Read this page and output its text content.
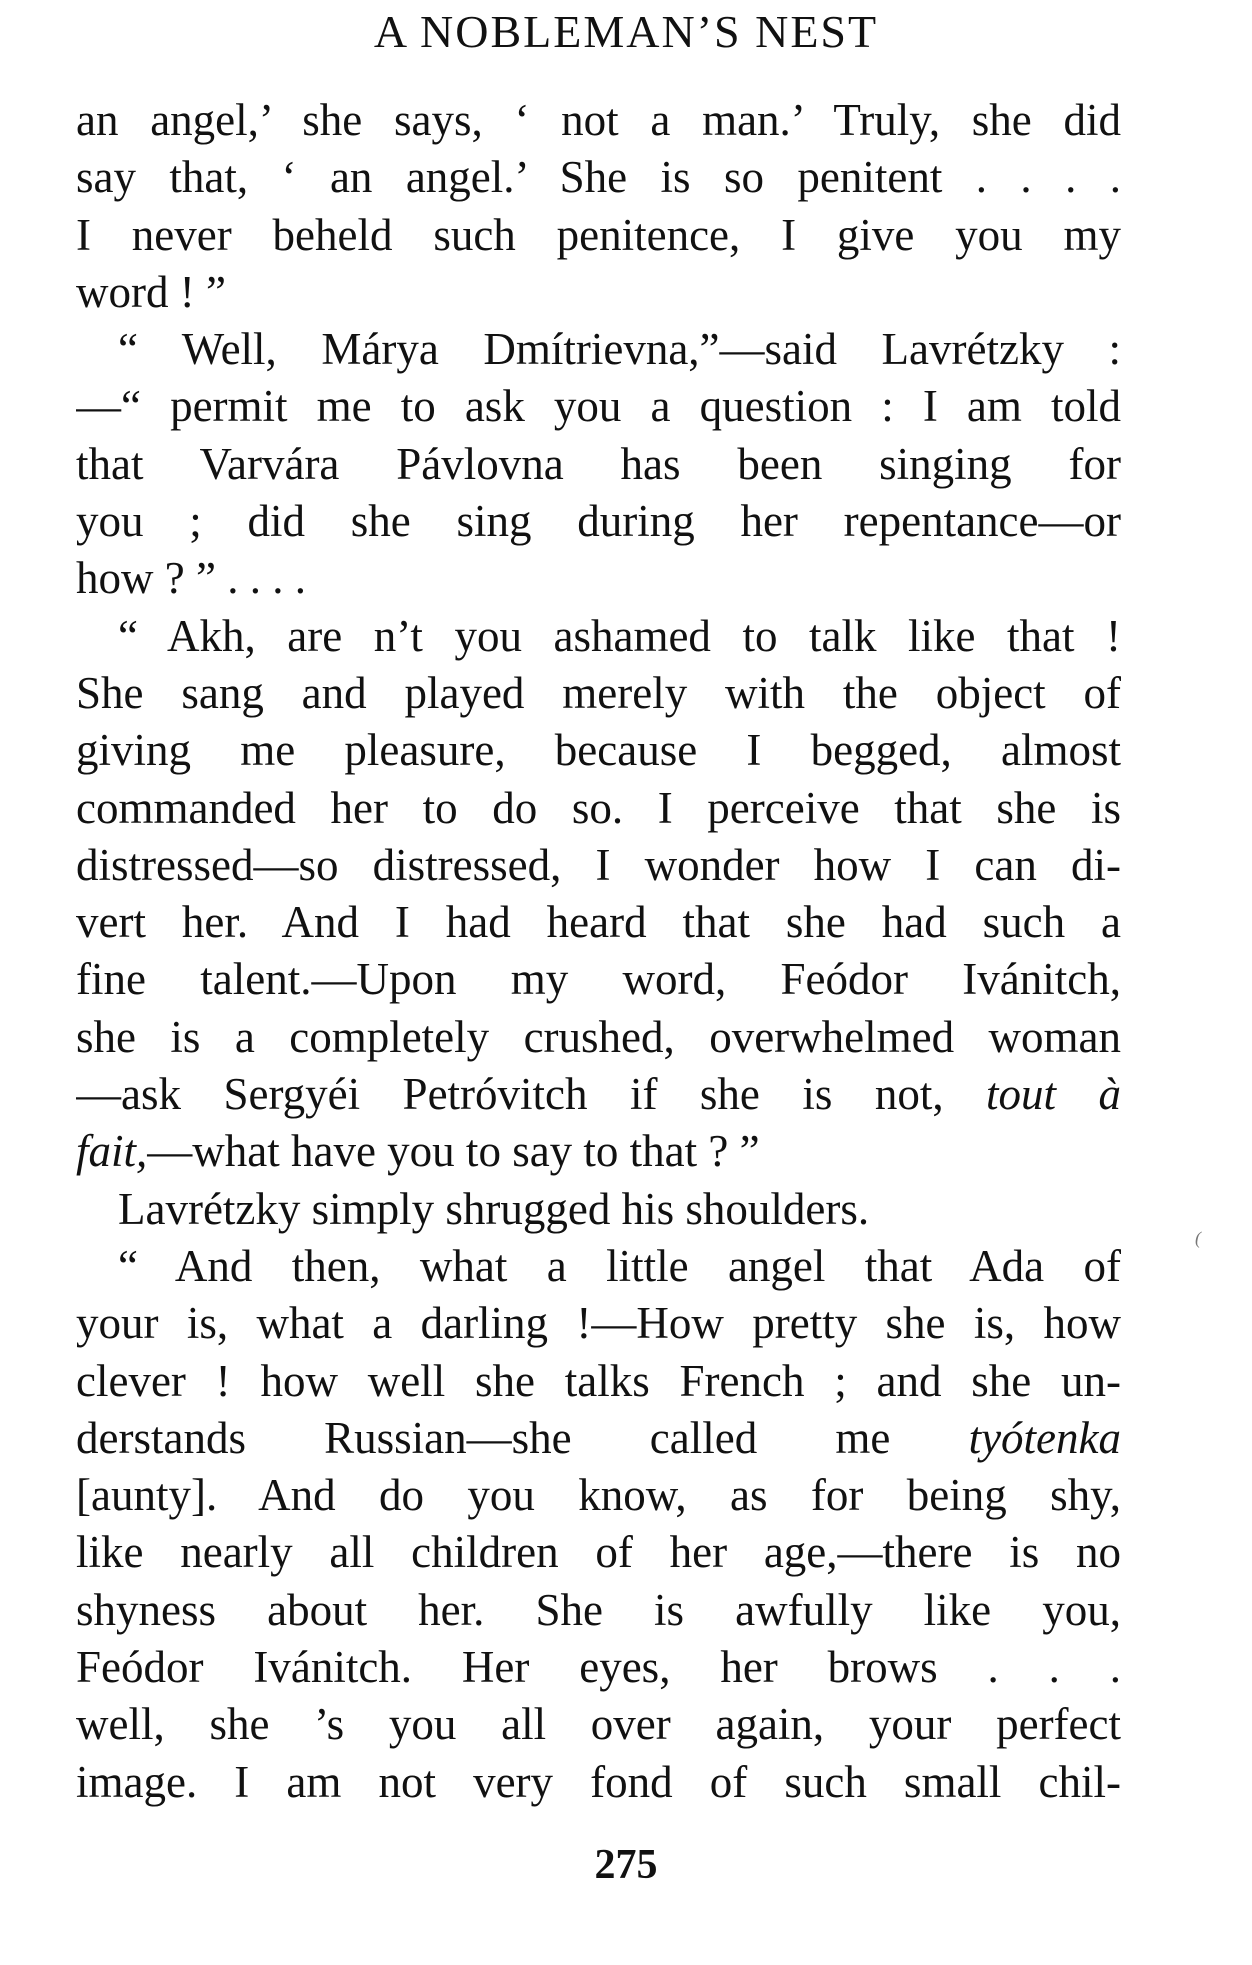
A NOBLEMAN’S NEST
an angel,’ she says, ‘ not a man.’ Truly, she did
say that, ‘ an angel.’ She is so penitent . . . .
I never beheld such penitence, I give you my
word ! ”
“ Well, Márya Dmítrievna,”—said Lavrétzky :
—“ permit me to ask you a question : I am told
that Varvára Pávlovna has been singing for
you ; did she sing during her repentance—or
how ? ” . . . .
“ Akh, are n’t you ashamed to talk like that !
She sang and played merely with the object of
giving me pleasure, because I begged, almost
commanded her to do so. I perceive that she is
distressed—so distressed, I wonder how I can di-
vert her. And I had heard that she had such a
fine talent.—Upon my word, Feódor Ivánitch,
she is a completely crushed, overwhelmed woman
—ask Sergyéi Petróvitch if she is not, tout à
fait,—what have you to say to that ? ”
Lavrétzky simply shrugged his shoulders.
“ And then, what a little angel that Ada of
your is, what a darling !—How pretty she is, how
clever ! how well she talks French ; and she un-
derstands Russian—she called me tyótenka
[aunty]. And do you know, as for being shy,
like nearly all children of her age,—there is no
shyness about her. She is awfully like you,
Feódor Ivánitch. Her eyes, her brows . . .
well, she ’s you all over again, your perfect
image. I am not very fond of such small chil-
(
275
